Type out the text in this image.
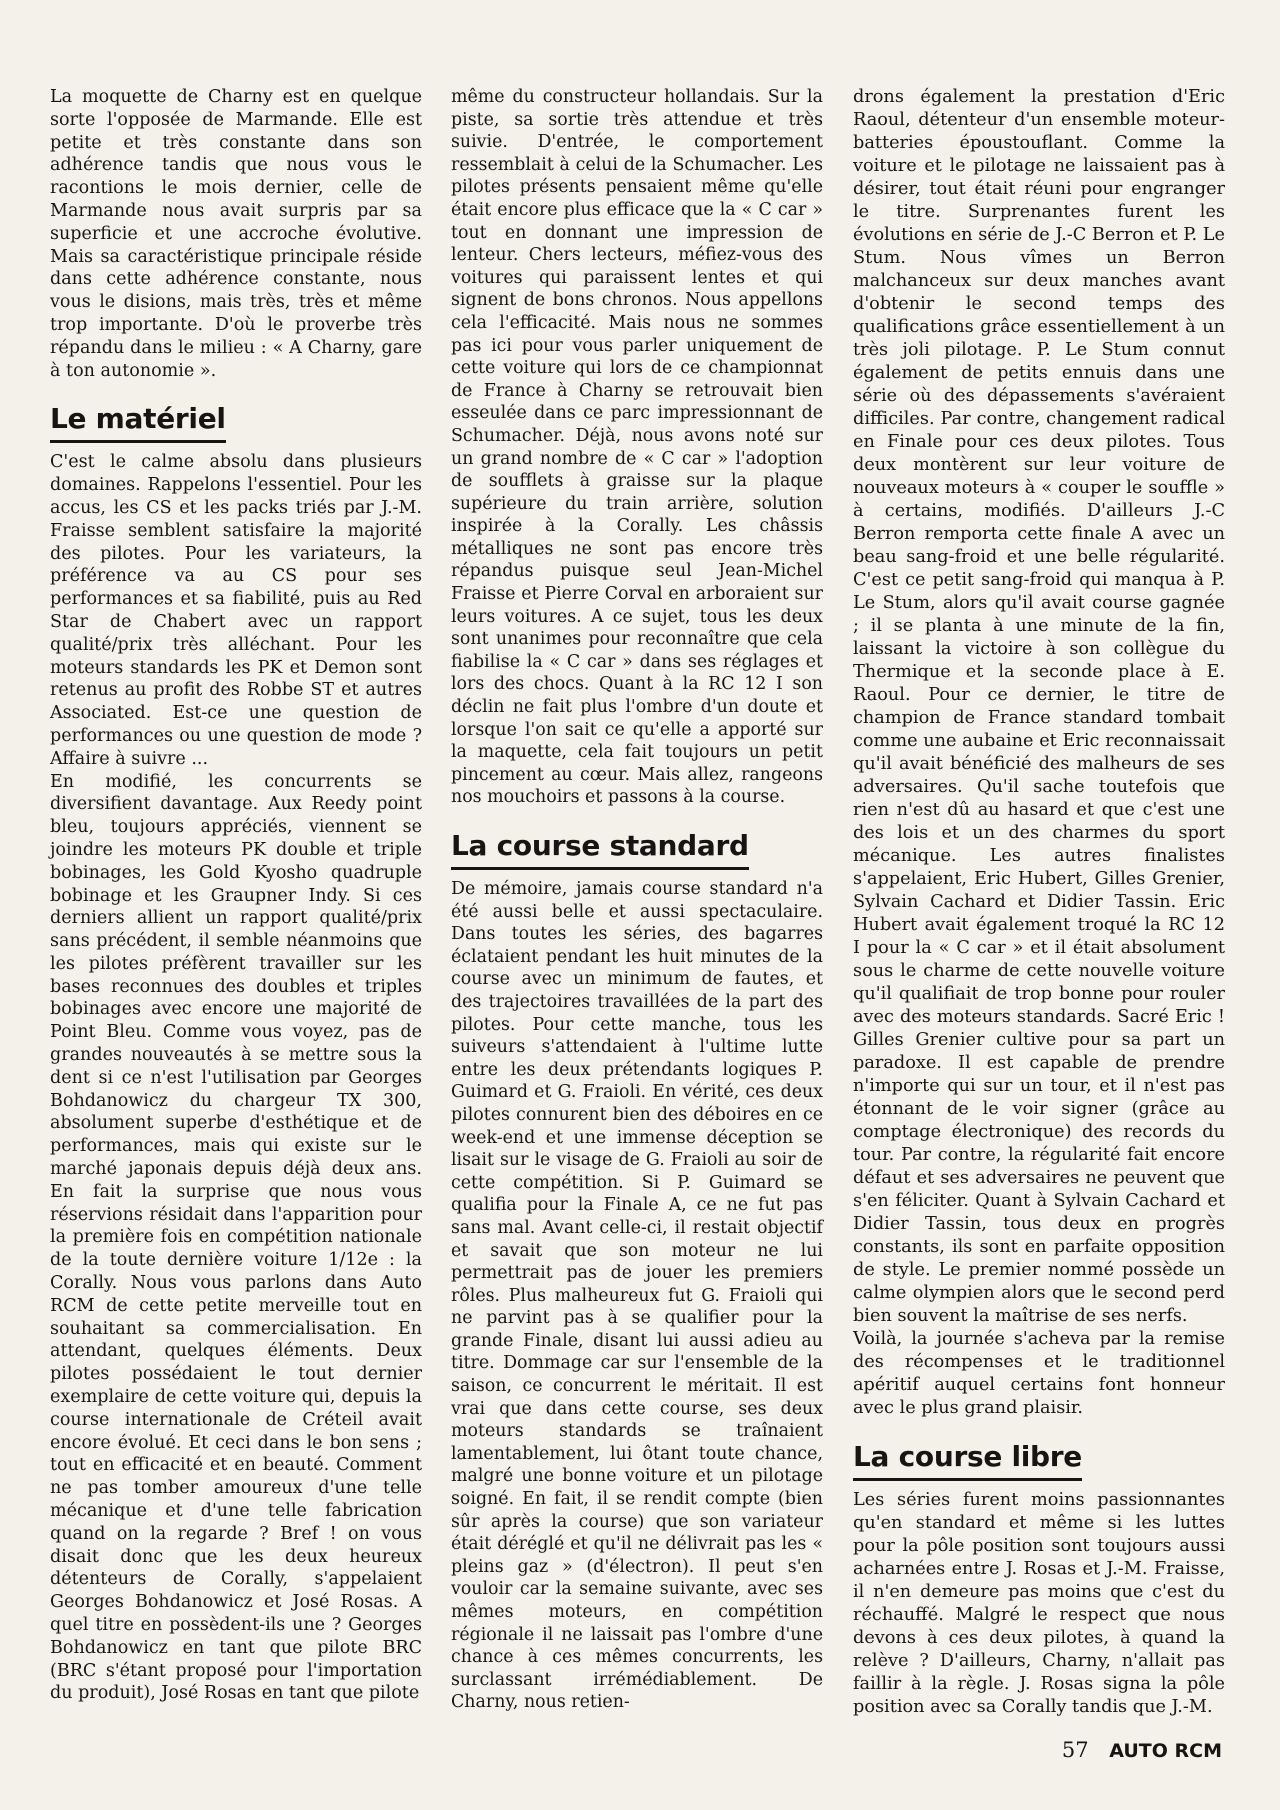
La moquette de Charny est en quelque sorte l'opposée de Marmande. Elle est petite et très constante dans son adhérence tandis que nous vous le racontions le mois dernier, celle de Marmande nous avait surpris par sa superficie et une accroche évolutive. Mais sa caractéristique principale réside dans cette adhérence constante, nous vous le disions, mais très, très et même trop importante. D'où le proverbe très répandu dans le milieu : « A Charny, gare à ton autonomie ».

Le matériel

C'est le calme absolu dans plusieurs domaines. Rappelons l'essentiel. Pour les accus, les CS et les packs triés par J.-M. Fraisse semblent satisfaire la majorité des pilotes. Pour les variateurs, la préférence va au CS pour ses performances et sa fiabilité, puis au Red Star de Chabert avec un rapport qualité/prix très alléchant. Pour les moteurs standards les PK et Demon sont retenus au profit des Robbe ST et autres Associated. Est-ce une question de performances ou une question de mode ? Affaire à suivre ...

En modifié, les concurrents se diversifient davantage. Aux Reedy point bleu, toujours appréciés, viennent se joindre les moteurs PK double et triple bobinages, les Gold Kyosho quadruple bobinage et les Graupner Indy. Si ces derniers allient un rapport qualité/prix sans précédent, il semble néanmoins que les pilotes préfèrent travailler sur les bases reconnues des doubles et triples bobinages avec encore une majorité de Point Bleu. Comme vous voyez, pas de grandes nouveautés à se mettre sous la dent si ce n'est l'utilisation par Georges Bohdanowicz du chargeur TX 300, absolument superbe d'esthétique et de performances, mais qui existe sur le marché japonais depuis déjà deux ans. En fait la surprise que nous vous réservions résidait dans l'apparition pour la première fois en compétition nationale de la toute dernière voiture 1/12e : la Corally. Nous vous parlons dans Auto RCM de cette petite merveille tout en souhaitant sa commercialisation. En attendant, quelques éléments. Deux pilotes possédaient le tout dernier exemplaire de cette voiture qui, depuis la course internationale de Créteil avait encore évolué. Et ceci dans le bon sens ; tout en efficacité et en beauté. Comment ne pas tomber amoureux d'une telle mécanique et d'une telle fabrication quand on la regarde ? Bref ! on vous disait donc que les deux heureux détenteurs de Corally, s'appelaient Georges Bohdanowicz et José Rosas. A quel titre en possèdent-ils une ? Georges Bohdanowicz en tant que pilote BRC (BRC s'étant proposé pour l'importation du produit), José Rosas en tant que pilote

même du constructeur hollandais. Sur la piste, sa sortie très attendue et très suivie. D'entrée, le comportement ressemblait à celui de la Schumacher. Les pilotes présents pensaient même qu'elle était encore plus efficace que la « C car » tout en donnant une impression de lenteur. Chers lecteurs, méfiez-vous des voitures qui paraissent lentes et qui signent de bons chronos. Nous appellons cela l'efficacité. Mais nous ne sommes pas ici pour vous parler uniquement de cette voiture qui lors de ce championnat de France à Charny se retrouvait bien esseulée dans ce parc impressionnant de Schumacher. Déjà, nous avons noté sur un grand nombre de « C car » l'adoption de soufflets à graisse sur la plaque supérieure du train arrière, solution inspirée à la Corally. Les châssis métalliques ne sont pas encore très répandus puisque seul Jean-Michel Fraisse et Pierre Corval en arboraient sur leurs voitures. A ce sujet, tous les deux sont unanimes pour reconnaître que cela fiabilise la « C car » dans ses réglages et lors des chocs. Quant à la RC 12 I son déclin ne fait plus l'ombre d'un doute et lorsque l'on sait ce qu'elle a apporté sur la maquette, cela fait toujours un petit pincement au cœur. Mais allez, rangeons nos mouchoirs et passons à la course.

La course standard

De mémoire, jamais course standard n'a été aussi belle et aussi spectaculaire. Dans toutes les séries, des bagarres éclataient pendant les huit minutes de la course avec un minimum de fautes, et des trajectoires travaillées de la part des pilotes. Pour cette manche, tous les suiveurs s'attendaient à l'ultime lutte entre les deux prétendants logiques P. Guimard et G. Fraioli. En vérité, ces deux pilotes connurent bien des déboires en ce week-end et une immense déception se lisait sur le visage de G. Fraioli au soir de cette compétition. Si P. Guimard se qualifia pour la Finale A, ce ne fut pas sans mal. Avant celle-ci, il restait objectif et savait que son moteur ne lui permettrait pas de jouer les premiers rôles. Plus malheureux fut G. Fraioli qui ne parvint pas à se qualifier pour la grande Finale, disant lui aussi adieu au titre. Dommage car sur l'ensemble de la saison, ce concurrent le méritait. Il est vrai que dans cette course, ses deux moteurs standards se traînaient lamentablement, lui ôtant toute chance, malgré une bonne voiture et un pilotage soigné. En fait, il se rendit compte (bien sûr après la course) que son variateur était déréglé et qu'il ne délivrait pas les « pleins gaz » (d'électron). Il peut s'en vouloir car la semaine suivante, avec ses mêmes moteurs, en compétition régionale il ne laissait pas l'ombre d'une chance à ces mêmes concurrents, les surclassant irrémédiablement. De Charny, nous retien-

drons également la prestation d'Eric Raoul, détenteur d'un ensemble moteur-batteries époustouflant. Comme la voiture et le pilotage ne laissaient pas à désirer, tout était réuni pour engranger le titre. Surprenantes furent les évolutions en série de J.-C Berron et P. Le Stum. Nous vîmes un Berron malchanceux sur deux manches avant d'obtenir le second temps des qualifications grâce essentiellement à un très joli pilotage. P. Le Stum connut également de petits ennuis dans une série où des dépassements s'avéraient difficiles. Par contre, changement radical en Finale pour ces deux pilotes. Tous deux montèrent sur leur voiture de nouveaux moteurs à « couper le souffle » à certains, modifiés. D'ailleurs J.-C Berron remporta cette finale A avec un beau sang-froid et une belle régularité. C'est ce petit sang-froid qui manqua à P. Le Stum, alors qu'il avait course gagnée ; il se planta à une minute de la fin, laissant la victoire à son collègue du Thermique et la seconde place à E. Raoul. Pour ce dernier, le titre de champion de France standard tombait comme une aubaine et Eric reconnaissait qu'il avait bénéficié des malheurs de ses adversaires. Qu'il sache toutefois que rien n'est dû au hasard et que c'est une des lois et un des charmes du sport mécanique. Les autres finalistes s'appelaient, Eric Hubert, Gilles Grenier, Sylvain Cachard et Didier Tassin. Eric Hubert avait également troqué la RC 12 I pour la « C car » et il était absolument sous le charme de cette nouvelle voiture qu'il qualifiait de trop bonne pour rouler avec des moteurs standards. Sacré Eric ! Gilles Grenier cultive pour sa part un paradoxe. Il est capable de prendre n'importe qui sur un tour, et il n'est pas étonnant de le voir signer (grâce au comptage électronique) des records du tour. Par contre, la régularité fait encore défaut et ses adversaires ne peuvent que s'en féliciter. Quant à Sylvain Cachard et Didier Tassin, tous deux en progrès constants, ils sont en parfaite opposition de style. Le premier nommé possède un calme olympien alors que le second perd bien souvent la maîtrise de ses nerfs.

Voilà, la journée s'acheva par la remise des récompenses et le traditionnel apéritif auquel certains font honneur avec le plus grand plaisir.

La course libre

Les séries furent moins passionnantes qu'en standard et même si les luttes pour la pôle position sont toujours aussi acharnées entre J. Rosas et J.-M. Fraisse, il n'en demeure pas moins que c'est du réchauffé. Malgré le respect que nous devons à ces deux pilotes, à quand la relève ? D'ailleurs, Charny, n'allait pas faillir à la règle. J. Rosas signa la pôle position avec sa Corally tandis que J.-M.

57 AUTO RCM
